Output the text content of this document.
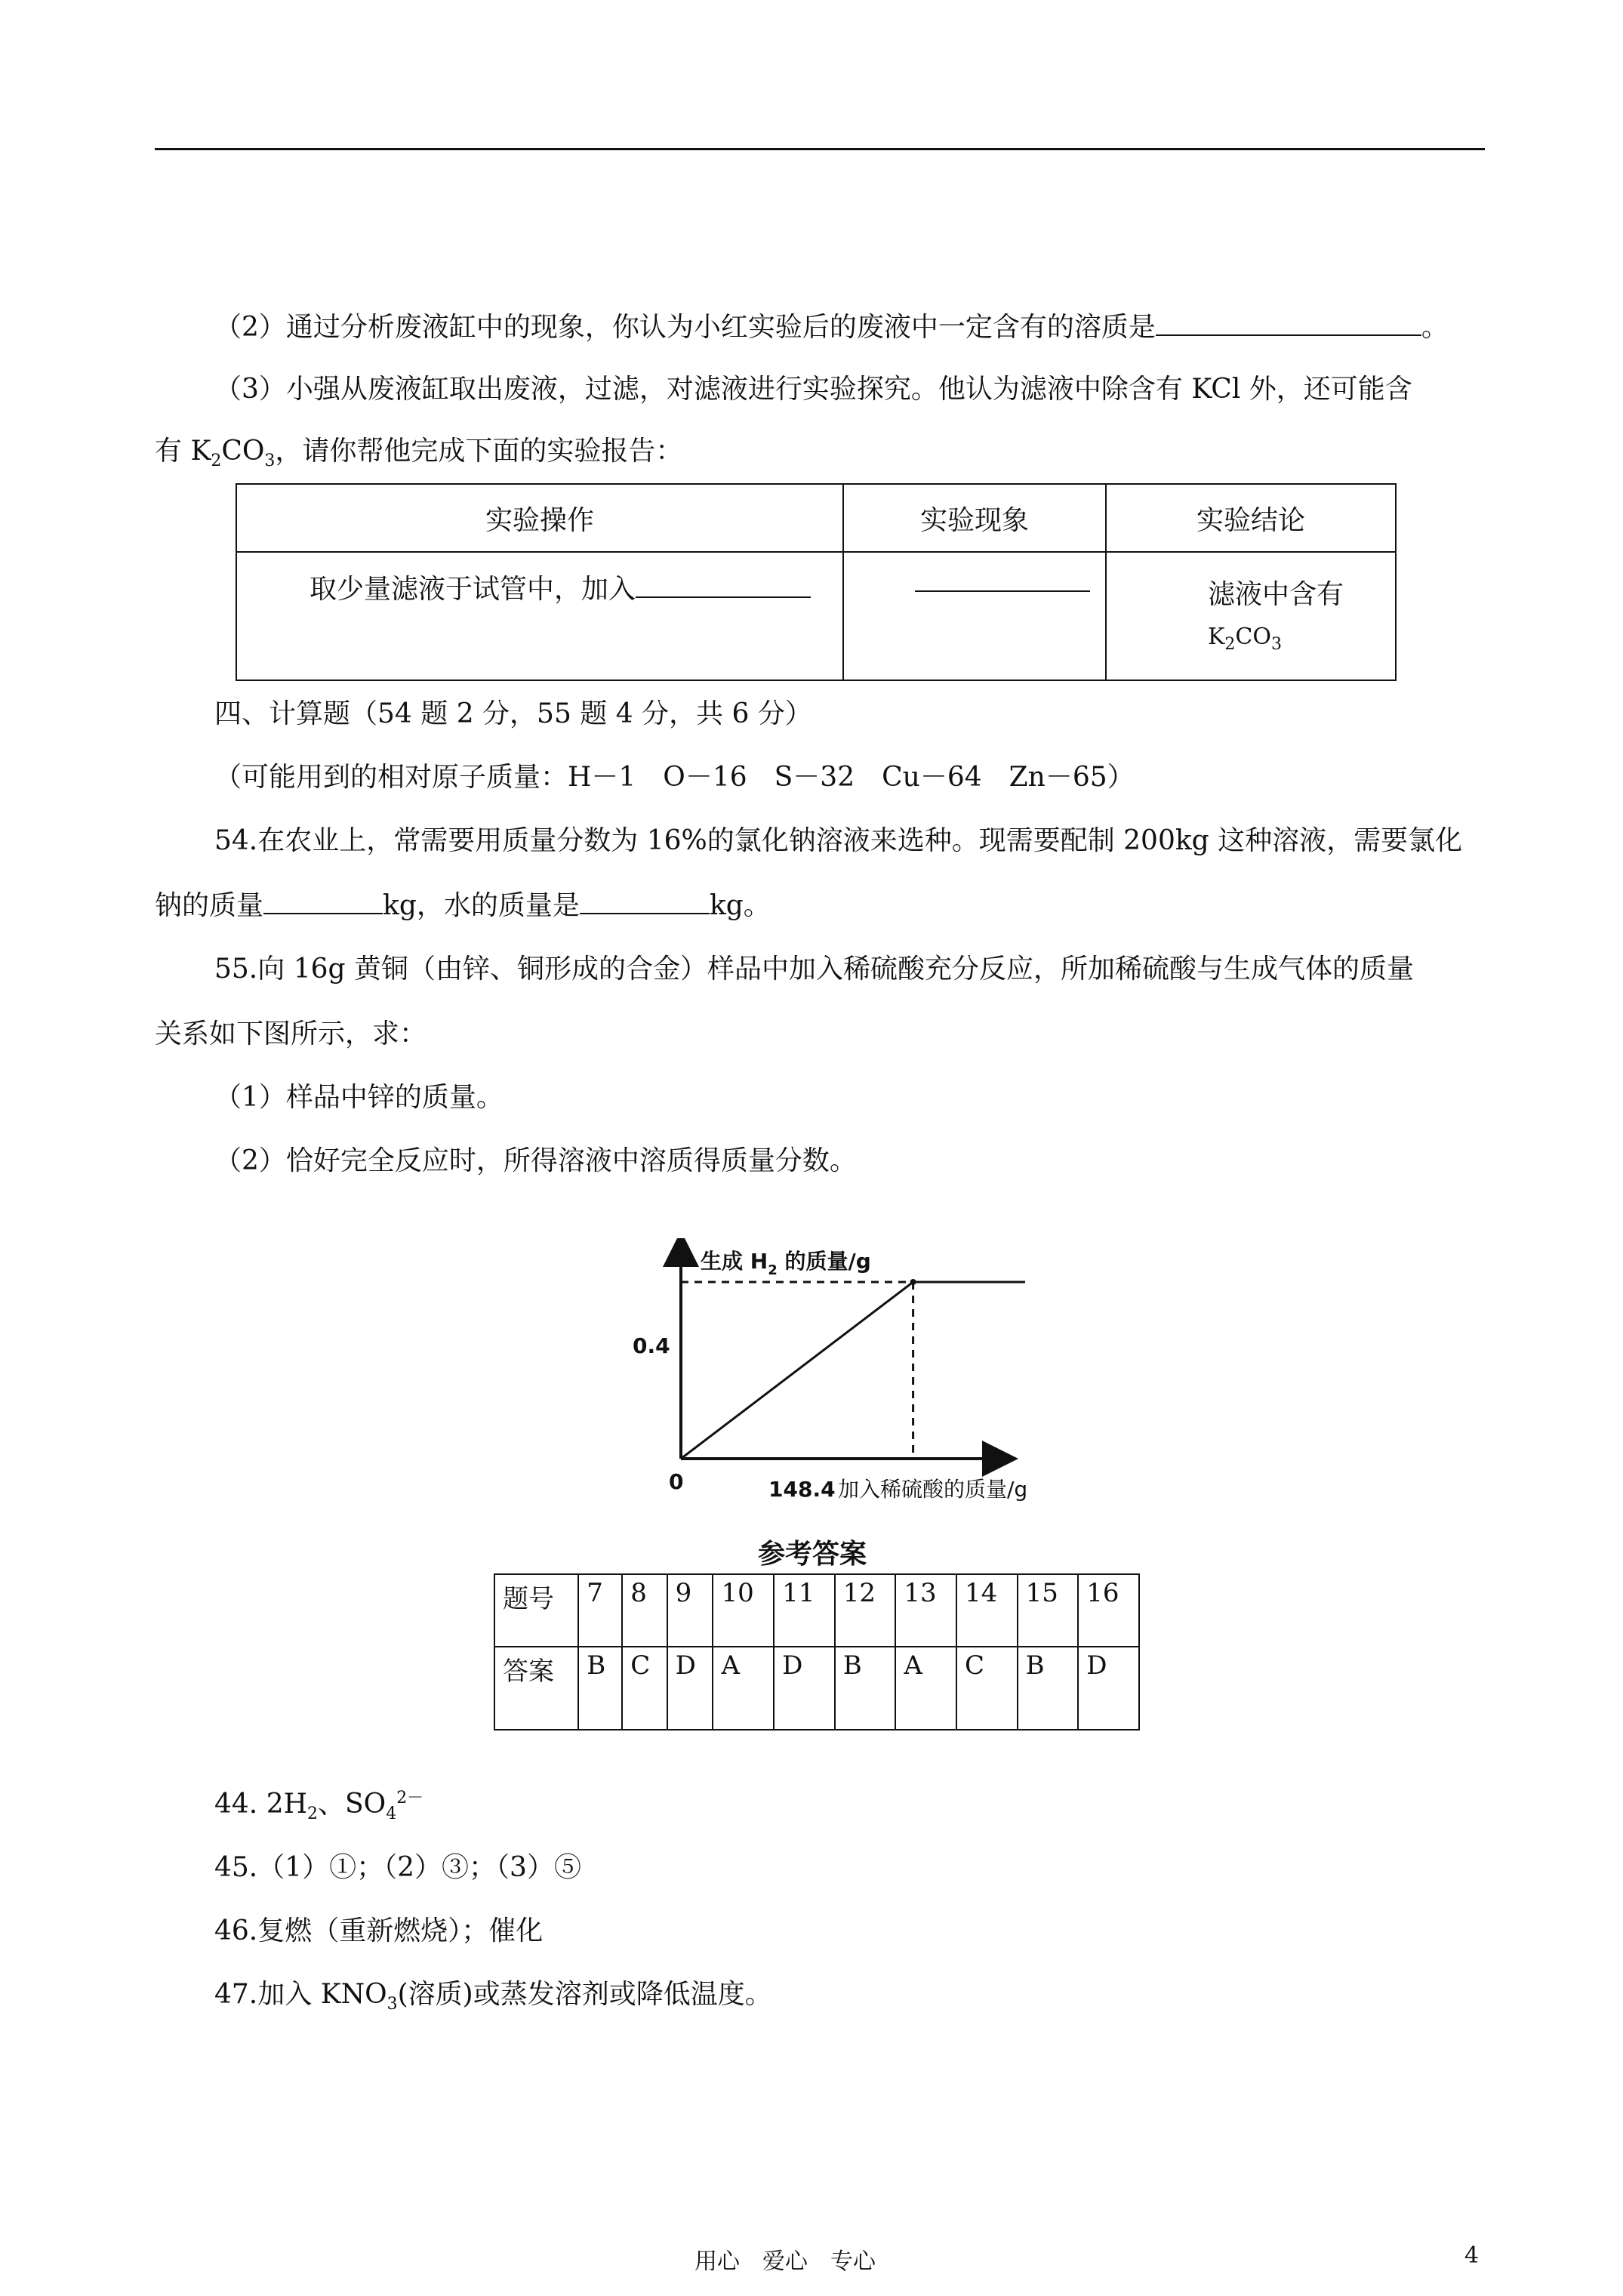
（2）通过分析废液缸中的现象，你认为小红实验后的废液中一定含有的溶质是	。
（3）小强从废液缸取出废液，过滤，对滤液进行实验探究。他认为滤液中除含有 KCl 外，还可能含
有 $K_2CO_3$，请你帮他完成下面的实验报告：
实验操作	实验现象	实验结论
取少量滤液于试管中，加入		滤液中含有
$K_2CO_3$
四、计算题（54 题 2 分，55 题 4 分，共 6 分）
（可能用到的相对原子质量：H－1　O－16　S－32　Cu－64　Zn－65）
54.在农业上，常需要用质量分数为 16%的氯化钠溶液来选种。现需要配制 200kg 这种溶液，需要氯化
钠的质量	kg，水的质量是	kg。
55.向 16g 黄铜（由锌、铜形成的合金）样品中加入稀硫酸充分反应，所加稀硫酸与生成气体的质量
关系如下图所示，求：
（1）样品中锌的质量。
（2）恰好完全反应时，所得溶液中溶质得质量分数。
生成 $H_2$ 的质量/g
0.4
0	148.4 加入稀硫酸的质量/g
参考答案
题号	7	8	9	10	11	12	13	14	15	16
答案	B	C	D	A	D	B	A	C	B	D
44. $2H_2$、$SO_4^{2-}$
45.（1）①；（2）③；（3）⑤
46.复燃（重新燃烧）；催化
47.加入 $KNO_3$(溶质)或蒸发溶剂或降低温度。
用心　爱心　专心	4
